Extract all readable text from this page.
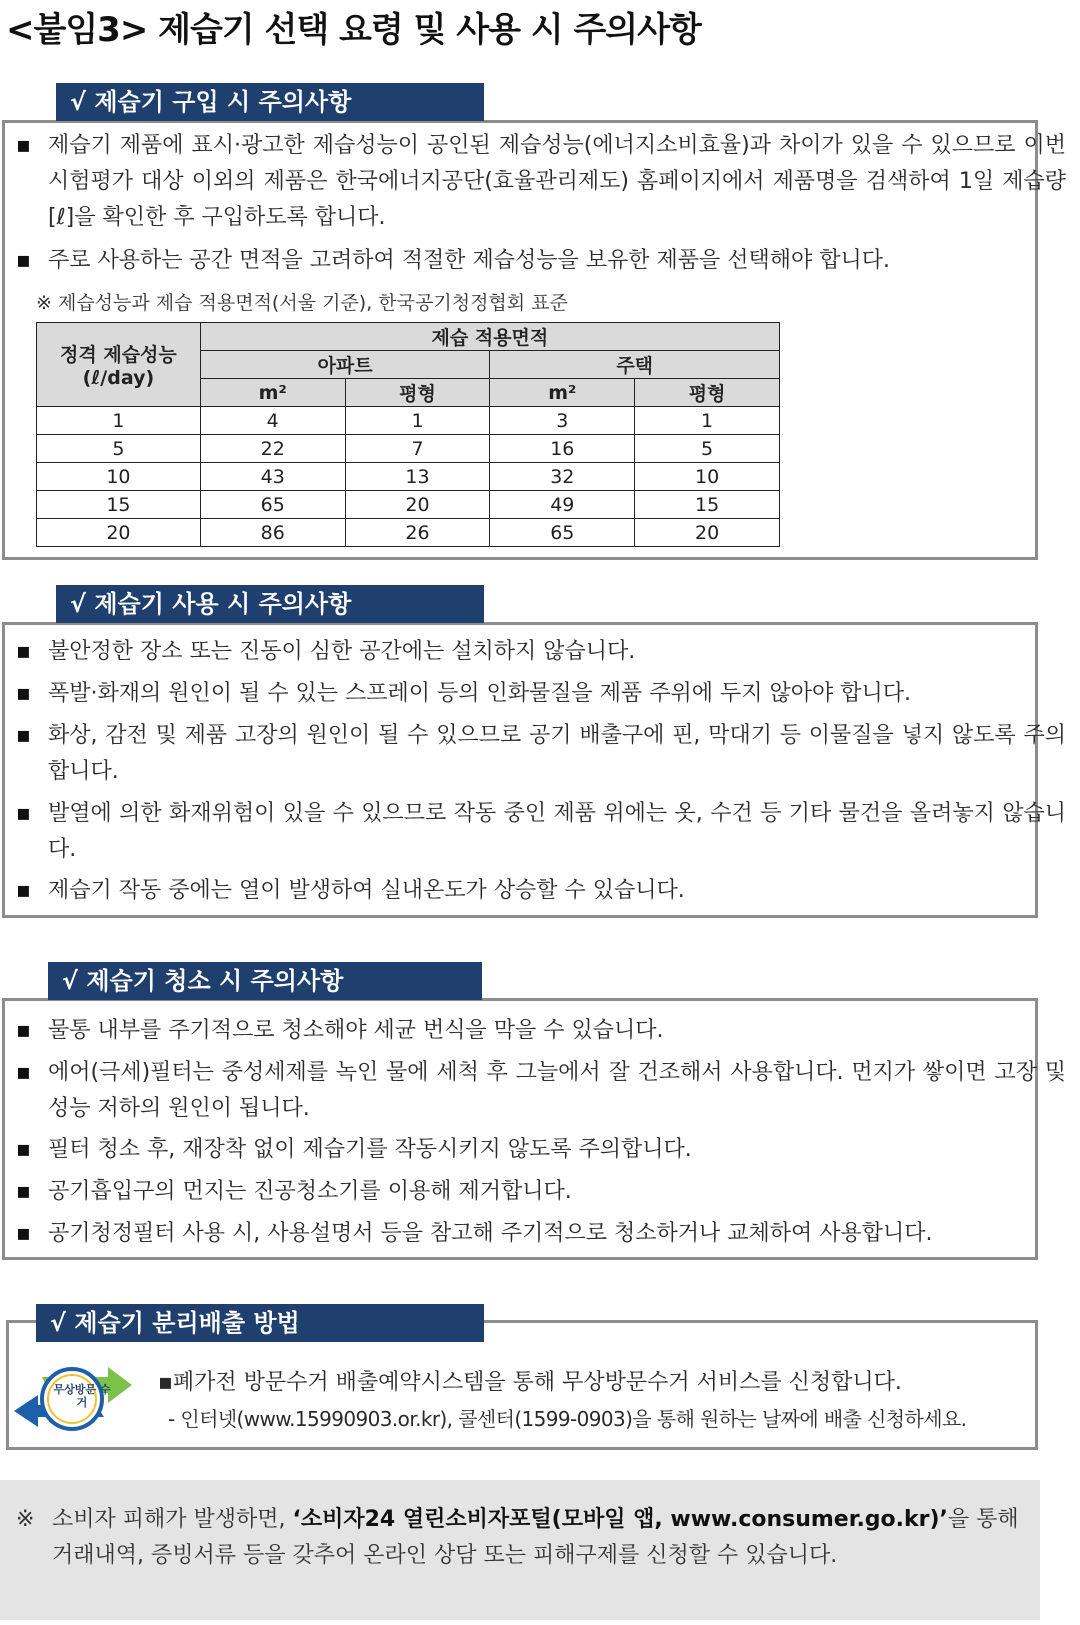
<붙임3> 제습기 선택 요령 및 사용 시 주의사항
√ 제습기 구입 시 주의사항
▪ 제습기 제품에 표시·광고한 제습성능이 공인된 제습성능(에너지소비효율)과 차이가 있을 수 있으므로 이번 시험평가 대상 이외의 제품은 한국에너지공단(효율관리제도) 홈페이지에서 제품명을 검색하여 1일 제습량[ℓ]을 확인한 후 구입하도록 합니다.
▪ 주로 사용하는 공간 면적을 고려하여 적절한 제습성능을 보유한 제품을 선택해야 합니다.
※ 제습성능과 제습 적용면적(서울 기준), 한국공기청정협회 표준
정격 제습성능
(ℓ/day)	제습 적용면적			
	아파트		주택	
	m²	평형	m²	평형
1	4	1	3	1
5	22	7	16	5
10	43	13	32	10
15	65	20	49	15
20	86	26	65	20
√ 제습기 사용 시 주의사항
▪ 불안정한 장소 또는 진동이 심한 공간에는 설치하지 않습니다.
▪ 폭발·화재의 원인이 될 수 있는 스프레이 등의 인화물질을 제품 주위에 두지 않아야 합니다.
▪ 화상, 감전 및 제품 고장의 원인이 될 수 있으므로 공기 배출구에 핀, 막대기 등 이물질을 넣지 않도록 주의합니다.
▪ 발열에 의한 화재위험이 있을 수 있으므로 작동 중인 제품 위에는 옷, 수건 등 기타 물건을 올려놓지 않습니다.
▪ 제습기 작동 중에는 열이 발생하여 실내온도가 상승할 수 있습니다.
√ 제습기 청소 시 주의사항
▪ 물통 내부를 주기적으로 청소해야 세균 번식을 막을 수 있습니다.
▪ 에어(극세)필터는 중성세제를 녹인 물에 세척 후 그늘에서 잘 건조해서 사용합니다. 먼지가 쌓이면 고장 및 성능 저하의 원인이 됩니다.
▪ 필터 청소 후, 재장착 없이 제습기를 작동시키지 않도록 주의합니다.
▪ 공기흡입구의 먼지는 진공청소기를 이용해 제거합니다.
▪ 공기청정필터 사용 시, 사용설명서 등을 참고해 주기적으로 청소하거나 교체하여 사용합니다.
√ 제습기 분리배출 방법
무상방문 수거
▪폐가전 방문수거 배출예약시스템을 통해 무상방문수거 서비스를 신청합니다.
- 인터넷(www.15990903.or.kr), 콜센터(1599-0903)을 통해 원하는 날짜에 배출 신청하세요.
※ 소비자 피해가 발생하면, ‘소비자24 열린소비자포털(모바일 앱, www.consumer.go.kr)’을 통해 거래내역, 증빙서류 등을 갖추어 온라인 상담 또는 피해구제를 신청할 수 있습니다.
